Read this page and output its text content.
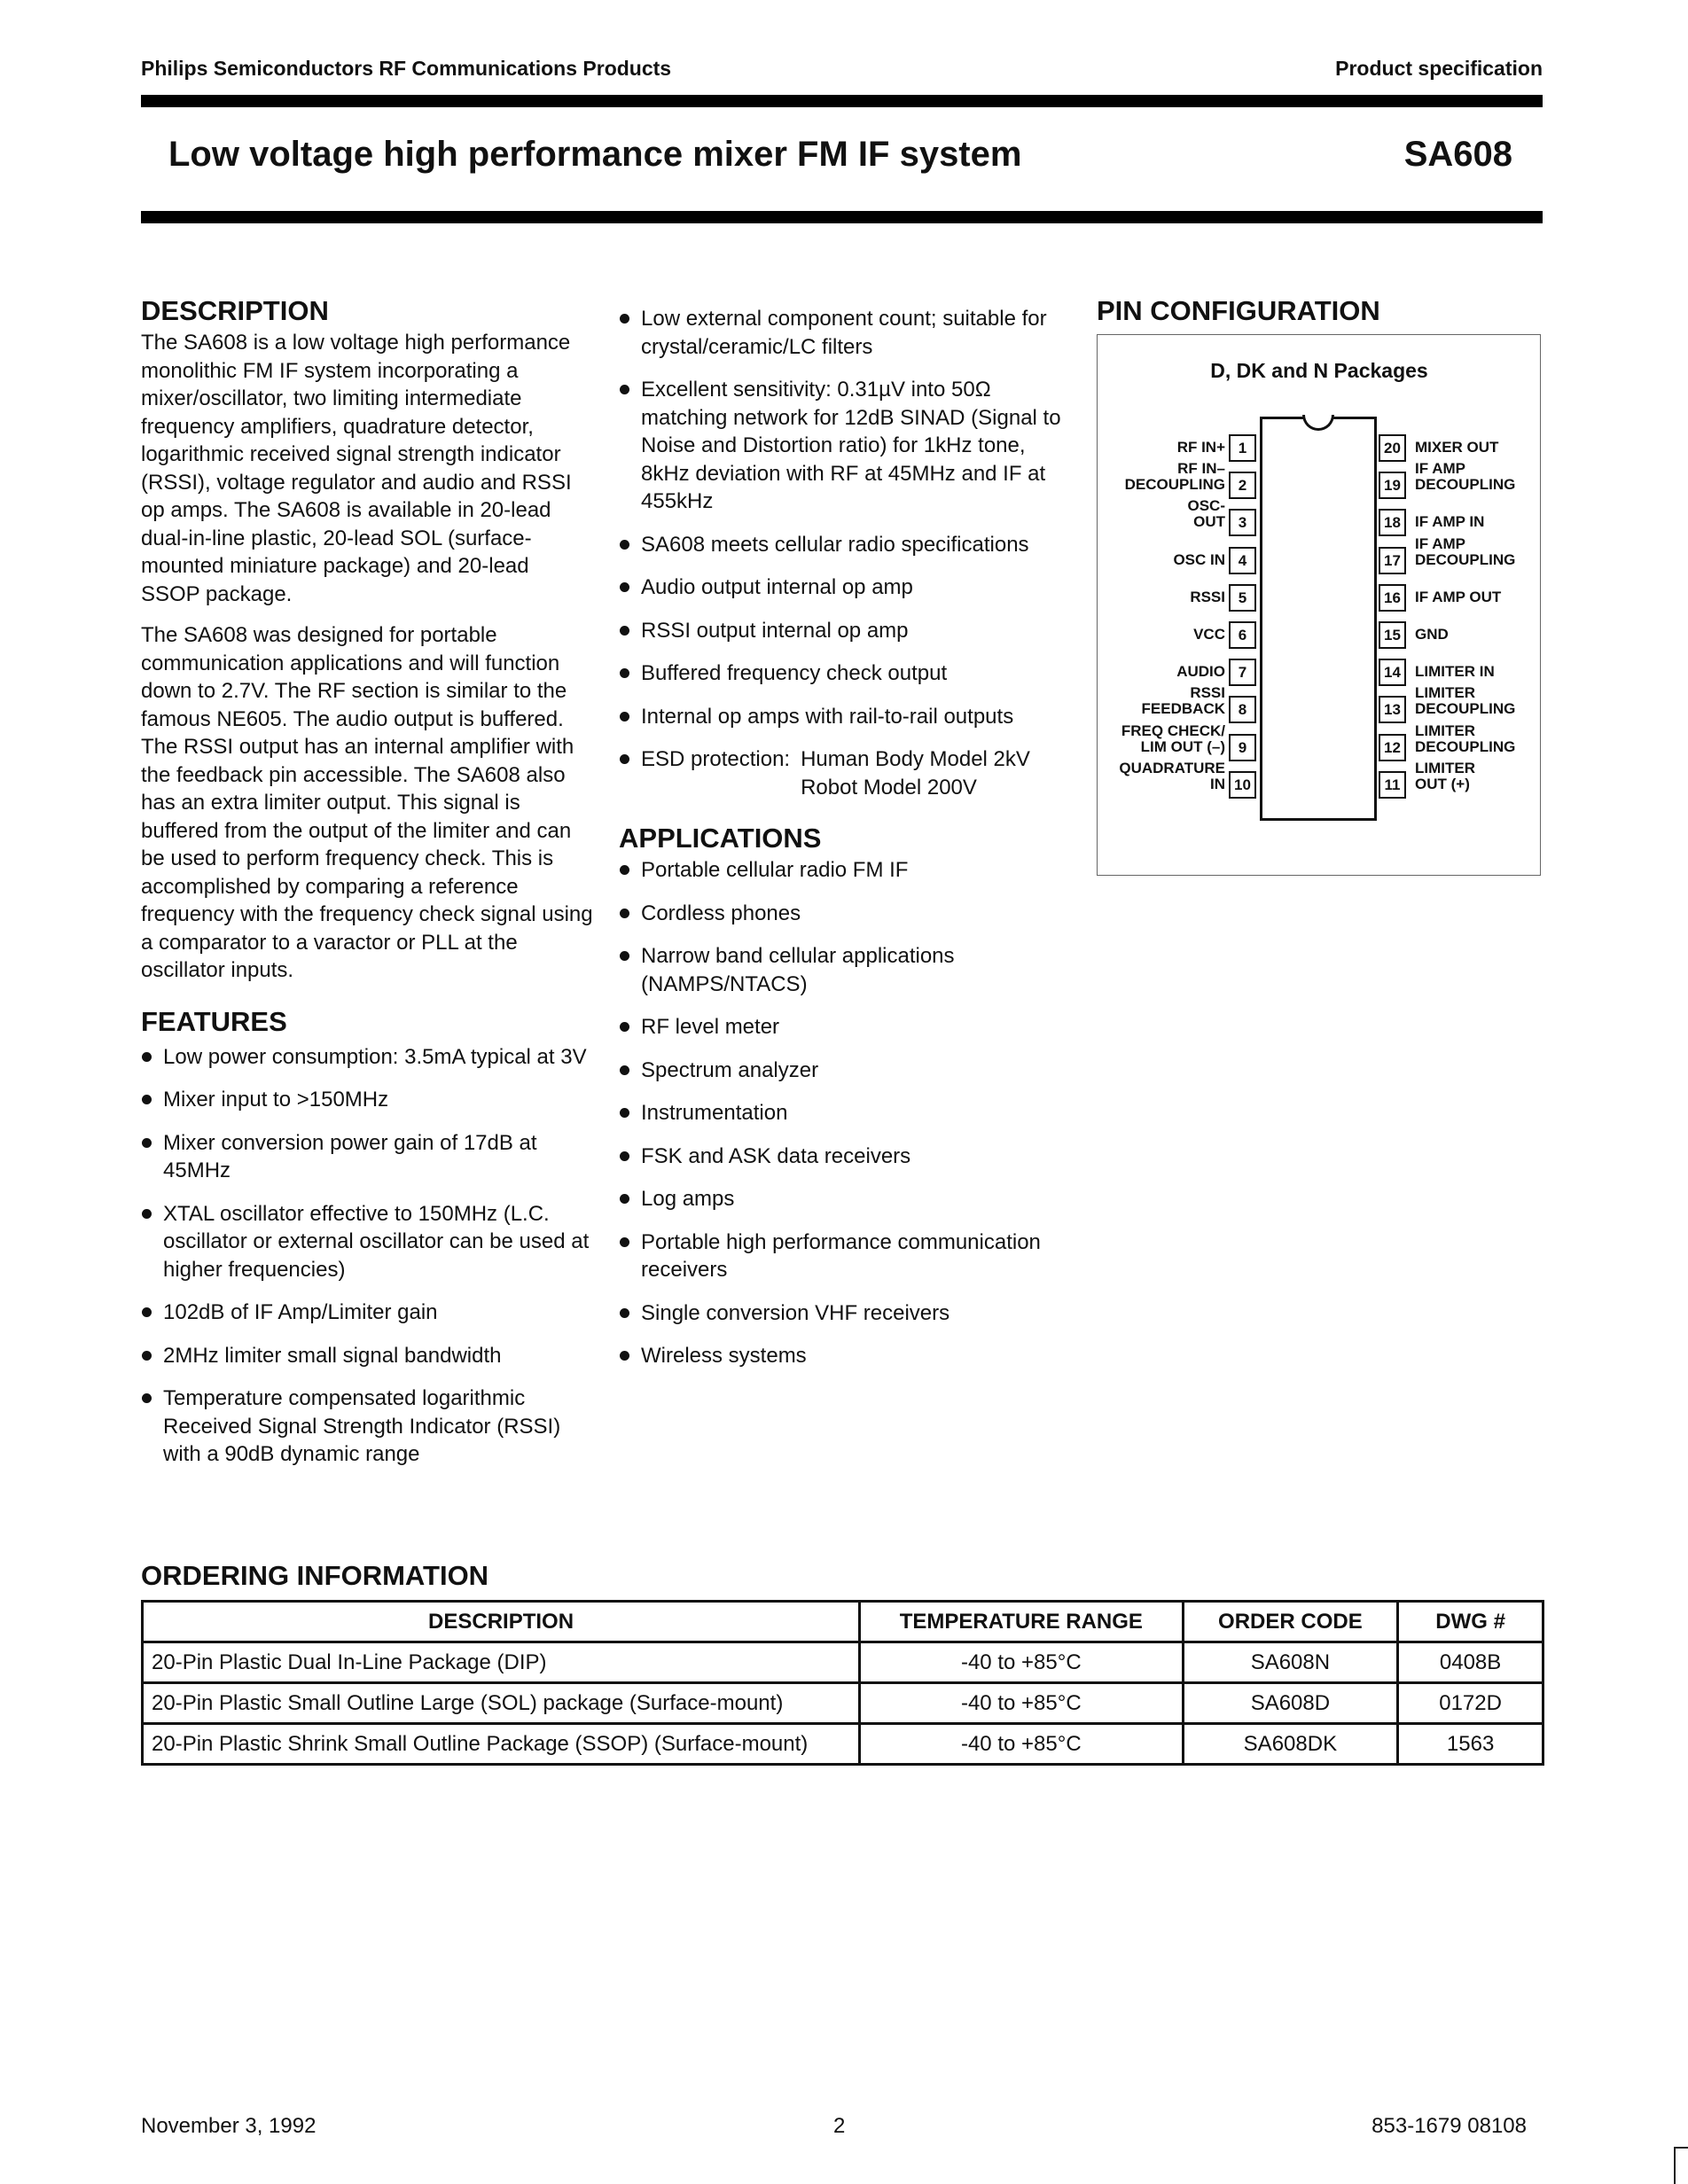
Philips Semiconductors RF Communications Products	Product specification
Low voltage high performance mixer FM IF system	SA608
DESCRIPTION

The SA608 is a low voltage high performance monolithic FM IF system incorporating a mixer/oscillator, two limiting intermediate frequency amplifiers, quadrature detector, logarithmic received signal strength indicator (RSSI), voltage regulator and audio and RSSI op amps. The SA608 is available in 20-lead dual-in-line plastic, 20-lead SOL (surface-mounted miniature package) and 20-lead SSOP package.

The SA608 was designed for portable communication applications and will function down to 2.7V. The RF section is similar to the famous NE605. The audio output is buffered. The RSSI output has an internal amplifier with the feedback pin accessible. The SA608 also has an extra limiter output. This signal is buffered from the output of the limiter and can be used to perform frequency check. This is accomplished by comparing a reference frequency with the frequency check signal using a comparator to a varactor or PLL at the oscillator inputs.

FEATURES
Low power consumption: 3.5mA typical at 3V
Mixer input to >150MHz
Mixer conversion power gain of 17dB at 45MHz
XTAL oscillator effective to 150MHz (L.C. oscillator or external oscillator can be used at higher frequencies)
102dB of IF Amp/Limiter gain
2MHz limiter small signal bandwidth
Temperature compensated logarithmic Received Signal Strength Indicator (RSSI) with a 90dB dynamic range
Low external component count; suitable for crystal/ceramic/LC filters
Excellent sensitivity: 0.31µV into 50Ω matching network for 12dB SINAD (Signal to Noise and Distortion ratio) for 1kHz tone, 8kHz deviation with RF at 45MHz and IF at 455kHz
SA608 meets cellular radio specifications
Audio output internal op amp
RSSI output internal op amp
Buffered frequency check output
Internal op amps with rail-to-rail outputs
ESD protection: Human Body Model 2kV
Robot Model 200V
APPLICATIONS
Portable cellular radio FM IF
Cordless phones
Narrow band cellular applications (NAMPS/NTACS)
RF level meter
Spectrum analyzer
Instrumentation
FSK and ASK data receivers
Log amps
Portable high performance communication receivers
Single conversion VHF receivers
Wireless systems
PIN CONFIGURATION
D, DK and N Packages
1
RF IN+
2
RF IN–
DECOUPLING
3
OSC-
OUT
4
OSC IN
5
RSSI
6
VCC
7
AUDIO
8
RSSI
FEEDBACK
9
FREQ CHECK/
LIM OUT (–)
10
QUADRATURE
IN
20 MIXER OUT
19
IF AMP
DECOUPLING
18 IF AMP IN
17
IF AMP
DECOUPLING
16 IF AMP OUT
15 GND
14 LIMITER IN
13
LIMITER
DECOUPLING
12
LIMITER
DECOUPLING
11
LIMITER
OUT (+)
ORDERING INFORMATION
DESCRIPTION	TEMPERATURE RANGE	ORDER CODE	DWG #
20-Pin Plastic Dual In-Line Package (DIP)	-40 to +85°C	SA608N	0408B
20-Pin Plastic Small Outline Large (SOL) package (Surface-mount)	-40 to +85°C	SA608D	0172D
20-Pin Plastic Shrink Small Outline Package (SSOP) (Surface-mount)	-40 to +85°C	SA608DK	1563
November 3, 1992	2	853-1679 08108
